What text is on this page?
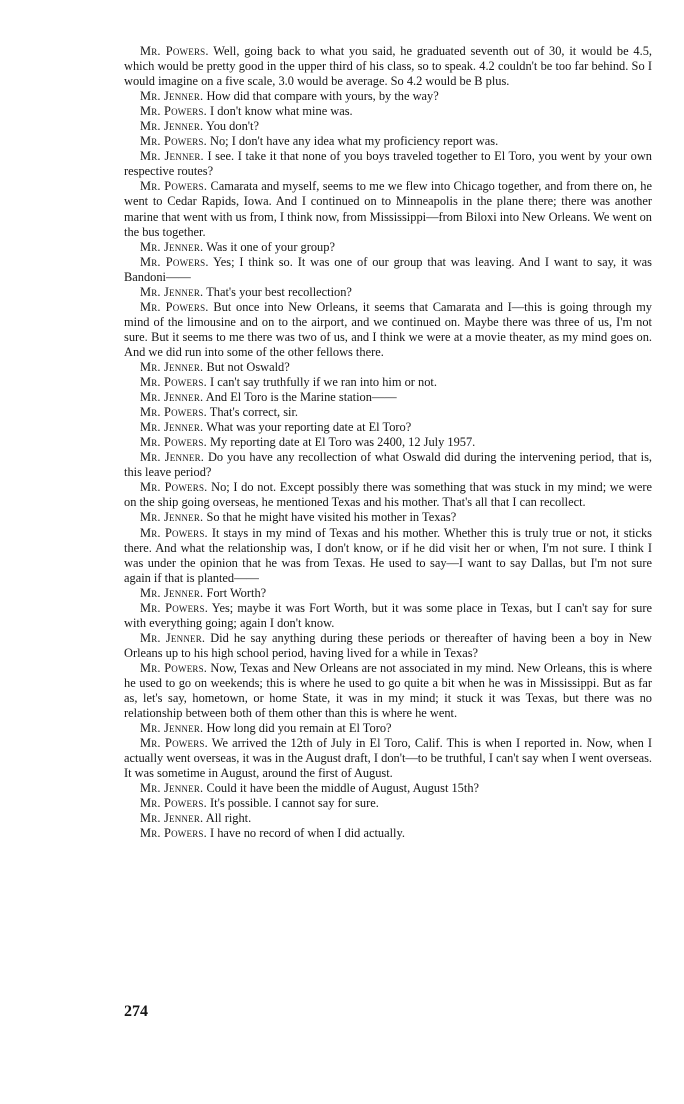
Mr. Powers. Well, going back to what you said, he graduated seventh out of 30, it would be 4.5, which would be pretty good in the upper third of his class, so to speak. 4.2 couldn't be too far behind. So I would imagine on a five scale, 3.0 would be average. So 4.2 would be B plus.

Mr. Jenner. How did that compare with yours, by the way?

Mr. Powers. I don't know what mine was.

Mr. Jenner. You don't?

Mr. Powers. No; I don't have any idea what my proficiency report was.

Mr. Jenner. I see. I take it that none of you boys traveled together to El Toro, you went by your own respective routes?

Mr. Powers. Camarata and myself, seems to me we flew into Chicago together, and from there on, he went to Cedar Rapids, Iowa. And I continued on to Minneapolis in the plane there; there was another marine that went with us from, I think now, from Mississippi—from Biloxi into New Orleans. We went on the bus together.

Mr. Jenner. Was it one of your group?

Mr. Powers. Yes; I think so. It was one of our group that was leaving. And I want to say, it was Bandoni——

Mr. Jenner. That's your best recollection?

Mr. Powers. But once into New Orleans, it seems that Camarata and I—this is going through my mind of the limousine and on to the airport, and we continued on. Maybe there was three of us, I'm not sure. But it seems to me there was two of us, and I think we were at a movie theater, as my mind goes on. And we did run into some of the other fellows there.

Mr. Jenner. But not Oswald?

Mr. Powers. I can't say truthfully if we ran into him or not.

Mr. Jenner. And El Toro is the Marine station——

Mr. Powers. That's correct, sir.

Mr. Jenner. What was your reporting date at El Toro?

Mr. Powers. My reporting date at El Toro was 2400, 12 July 1957.

Mr. Jenner. Do you have any recollection of what Oswald did during the intervening period, that is, this leave period?

Mr. Powers. No; I do not. Except possibly there was something that was stuck in my mind; we were on the ship going overseas, he mentioned Texas and his mother. That's all that I can recollect.

Mr. Jenner. So that he might have visited his mother in Texas?

Mr. Powers. It stays in my mind of Texas and his mother. Whether this is truly true or not, it sticks there. And what the relationship was, I don't know, or if he did visit her or when, I'm not sure. I think I was under the opinion that he was from Texas. He used to say—I want to say Dallas, but I'm not sure again if that is planted——

Mr. Jenner. Fort Worth?

Mr. Powers. Yes; maybe it was Fort Worth, but it was some place in Texas, but I can't say for sure with everything going; again I don't know.

Mr. Jenner. Did he say anything during these periods or thereafter of having been a boy in New Orleans up to his high school period, having lived for a while in Texas?

Mr. Powers. Now, Texas and New Orleans are not associated in my mind. New Orleans, this is where he used to go on weekends; this is where he used to go quite a bit when he was in Mississippi. But as far as, let's say, hometown, or home State, it was in my mind; it stuck it was Texas, but there was no relationship between both of them other than this is where he went.

Mr. Jenner. How long did you remain at El Toro?

Mr. Powers. We arrived the 12th of July in El Toro, Calif. This is when I reported in. Now, when I actually went overseas, it was in the August draft, I don't—to be truthful, I can't say when I went overseas. It was sometime in August, around the first of August.

Mr. Jenner. Could it have been the middle of August, August 15th?

Mr. Powers. It's possible. I cannot say for sure.

Mr. Jenner. All right.

Mr. Powers. I have no record of when I did actually.

274
